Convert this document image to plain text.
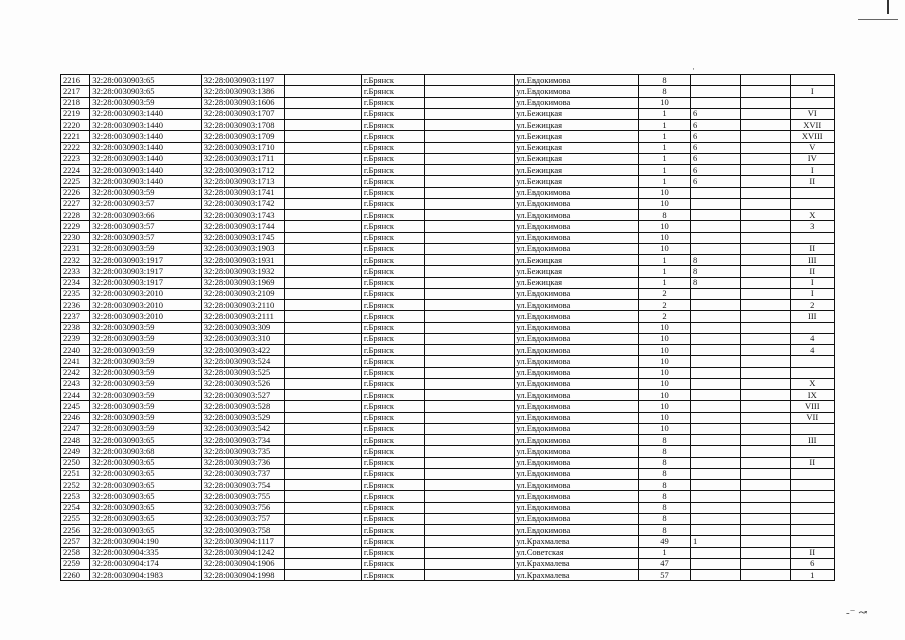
·
-⁻ ↝
2216	32:28:0030903:65	32:28:0030903:1197		г.Брянск		ул.Евдокимова	8			
2217	32:28:0030903:65	32:28:0030903:1386		г.Брянск		ул.Евдокимова	8			I
2218	32:28:0030903:59	32:28:0030903:1606		г.Брянск		ул.Евдокимова	10			
2219	32:28:0030903:1440	32:28:0030903:1707		г.Брянск		ул.Бежицкая	1	6		VI
2220	32:28:0030903:1440	32:28:0030903:1708		г.Брянск		ул.Бежицкая	1	6		XVII
2221	32:28:0030903:1440	32:28:0030903:1709		г.Брянск		ул.Бежицкая	1	6		XVIII
2222	32:28:0030903:1440	32:28:0030903:1710		г.Брянск		ул.Бежицкая	1	6		V
2223	32:28:0030903:1440	32:28:0030903:1711		г.Брянск		ул.Бежицкая	1	6		IV
2224	32:28:0030903:1440	32:28:0030903:1712		г.Брянск		ул.Бежицкая	1	6		I
2225	32:28:0030903:1440	32:28:0030903:1713		г.Брянск		ул.Бежицкая	1	6		II
2226	32:28:0030903:59	32:28:0030903:1741		г.Брянск		ул.Евдокимова	10			
2227	32:28:0030903:57	32:28:0030903:1742		г.Брянск		ул.Евдокимова	10			
2228	32:28:0030903:66	32:28:0030903:1743		г.Брянск		ул.Евдокимова	8			X
2229	32:28:0030903:57	32:28:0030903:1744		г.Брянск		ул.Евдокимова	10			3
2230	32:28:0030903:57	32:28:0030903:1745		г.Брянск		ул.Евдокимова	10			
2231	32:28:0030903:59	32:28:0030903:1903		г.Брянск		ул.Евдокимова	10			II
2232	32:28:0030903:1917	32:28:0030903:1931		г.Брянск		ул.Бежицкая	1	8		III
2233	32:28:0030903:1917	32:28:0030903:1932		г.Брянск		ул.Бежицкая	1	8		II
2234	32:28:0030903:1917	32:28:0030903:1969		г.Брянск		ул.Бежицкая	1	8		I
2235	32:28:0030903:2010	32:28:0030903:2109		г.Брянск		ул.Евдокимова	2			I
2236	32:28:0030903:2010	32:28:0030903:2110		г.Брянск		ул.Евдокимова	2			2
2237	32:28:0030903:2010	32:28:0030903:2111		г.Брянск		ул.Евдокимова	2			III
2238	32:28:0030903:59	32:28:0030903:309		г.Брянск		ул.Евдокимова	10			
2239	32:28:0030903:59	32:28:0030903:310		г.Брянск		ул.Евдокимова	10			4
2240	32:28:0030903:59	32:28:0030903:422		г.Брянск		ул.Евдокимова	10			4
2241	32:28:0030903:59	32:28:0030903:524		г.Брянск		ул.Евдокимова	10			
2242	32:28:0030903:59	32:28:0030903:525		г.Брянск		ул.Евдокимова	10			
2243	32:28:0030903:59	32:28:0030903:526		г.Брянск		ул.Евдокимова	10			X
2244	32:28:0030903:59	32:28:0030903:527		г.Брянск		ул.Евдокимова	10			IX
2245	32:28:0030903:59	32:28:0030903:528		г.Брянск		ул.Евдокимова	10			VIII
2246	32:28:0030903:59	32:28:0030903:529		г.Брянск		ул.Евдокимова	10			VII
2247	32:28:0030903:59	32:28:0030903:542		г.Брянск		ул.Евдокимова	10			
2248	32:28:0030903:65	32:28:0030903:734		г.Брянск		ул.Евдокимова	8			III
2249	32:28:0030903:68	32:28:0030903:735		г.Брянск		ул.Евдокимова	8			
2250	32:28:0030903:65	32:28:0030903:736		г.Брянск		ул.Евдокимова	8			II
2251	32:28:0030903:65	32:28:0030903:737		г.Брянск		ул.Евдокимова	8			
2252	32:28:0030903:65	32:28:0030903:754		г.Брянск		ул.Евдокимова	8			
2253	32:28:0030903:65	32:28:0030903:755		г.Брянск		ул.Евдокимова	8			
2254	32:28:0030903:65	32:28:0030903:756		г.Брянск		ул.Евдокимова	8			
2255	32:28:0030903:65	32:28:0030903:757		г.Брянск		ул.Евдокимова	8			
2256	32:28:0030903:65	32:28:0030903:758		г.Брянск		ул.Евдокимова	8			
2257	32:28:0030904:190	32:28:0030904:1117		г.Брянск		ул.Крахмалева	49	1		
2258	32:28:0030904:335	32:28:0030904:1242		г.Брянск		ул.Советская	1			II
2259	32:28:0030904:174	32:28:0030904:1906		г.Брянск		ул.Крахмалева	47			6
2260	32:28:0030904:1983	32:28:0030904:1998		г.Брянск		ул.Крахмалева	57			1
